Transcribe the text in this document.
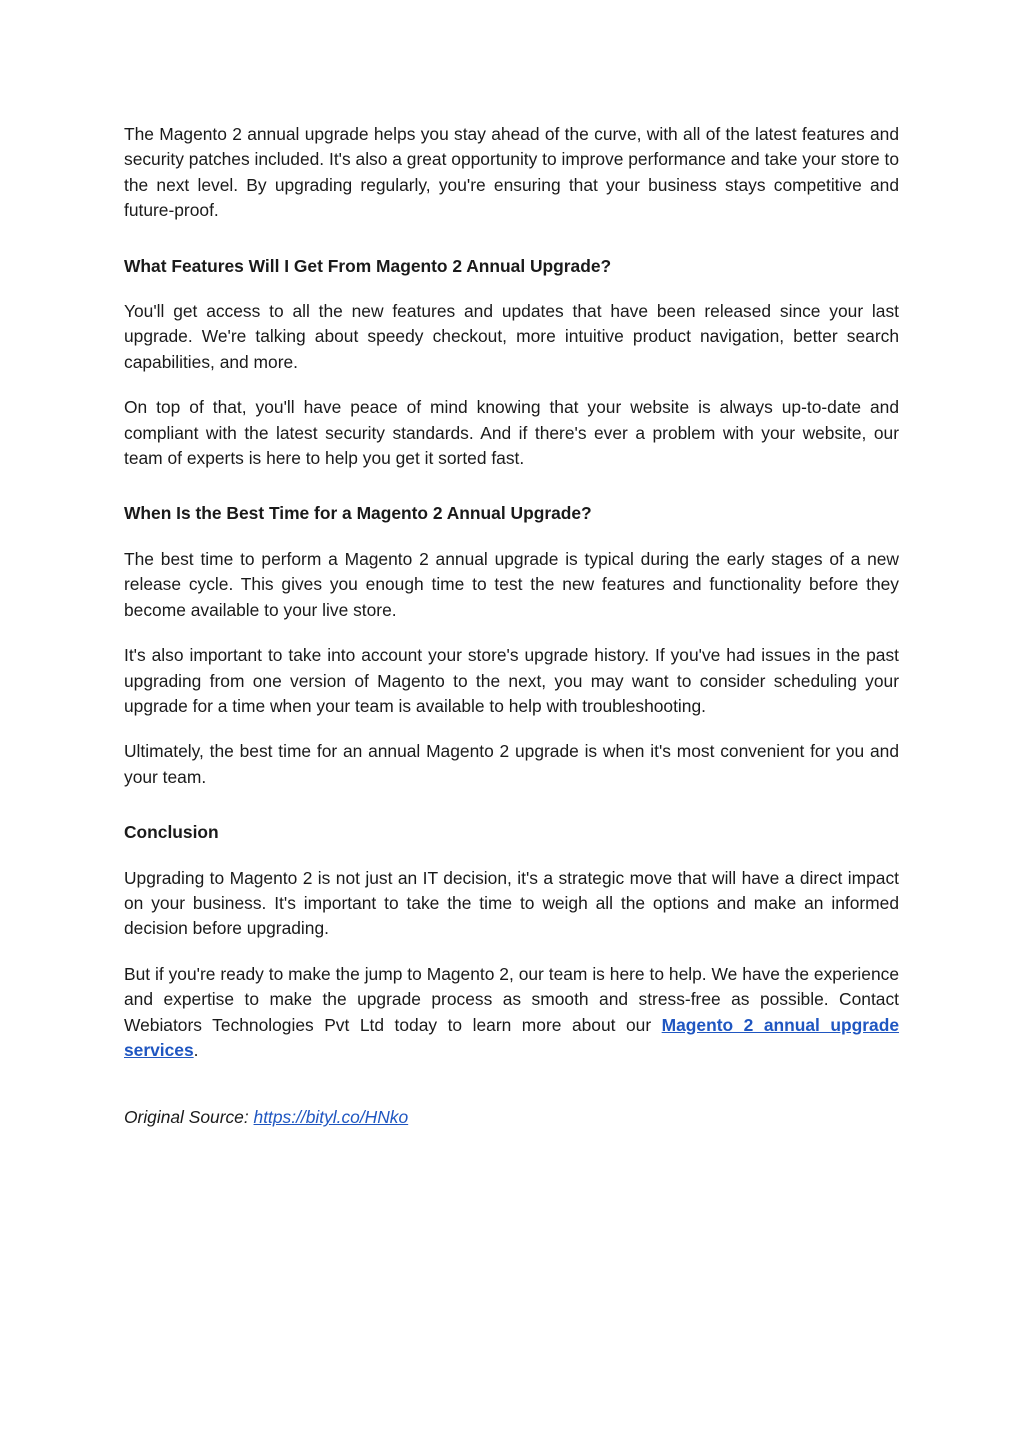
The Magento 2 annual upgrade helps you stay ahead of the curve, with all of the latest features and security patches included. It's also a great opportunity to improve performance and take your store to the next level. By upgrading regularly, you're ensuring that your business stays competitive and future-proof.

What Features Will I Get From Magento 2 Annual Upgrade?

You'll get access to all the new features and updates that have been released since your last upgrade. We're talking about speedy checkout, more intuitive product navigation, better search capabilities, and more.

On top of that, you'll have peace of mind knowing that your website is always up-to-date and compliant with the latest security standards. And if there's ever a problem with your website, our team of experts is here to help you get it sorted fast.

When Is the Best Time for a Magento 2 Annual Upgrade?

The best time to perform a Magento 2 annual upgrade is typical during the early stages of a new release cycle. This gives you enough time to test the new features and functionality before they become available to your live store.

It's also important to take into account your store's upgrade history. If you've had issues in the past upgrading from one version of Magento to the next, you may want to consider scheduling your upgrade for a time when your team is available to help with troubleshooting.

Ultimately, the best time for an annual Magento 2 upgrade is when it's most convenient for you and your team.

Conclusion

Upgrading to Magento 2 is not just an IT decision, it's a strategic move that will have a direct impact on your business. It's important to take the time to weigh all the options and make an informed decision before upgrading.

But if you're ready to make the jump to Magento 2, our team is here to help. We have the experience and expertise to make the upgrade process as smooth and stress-free as possible. Contact Webiators Technologies Pvt Ltd today to learn more about our Magento 2 annual upgrade services.

Original Source: https://bityl.co/HNko
